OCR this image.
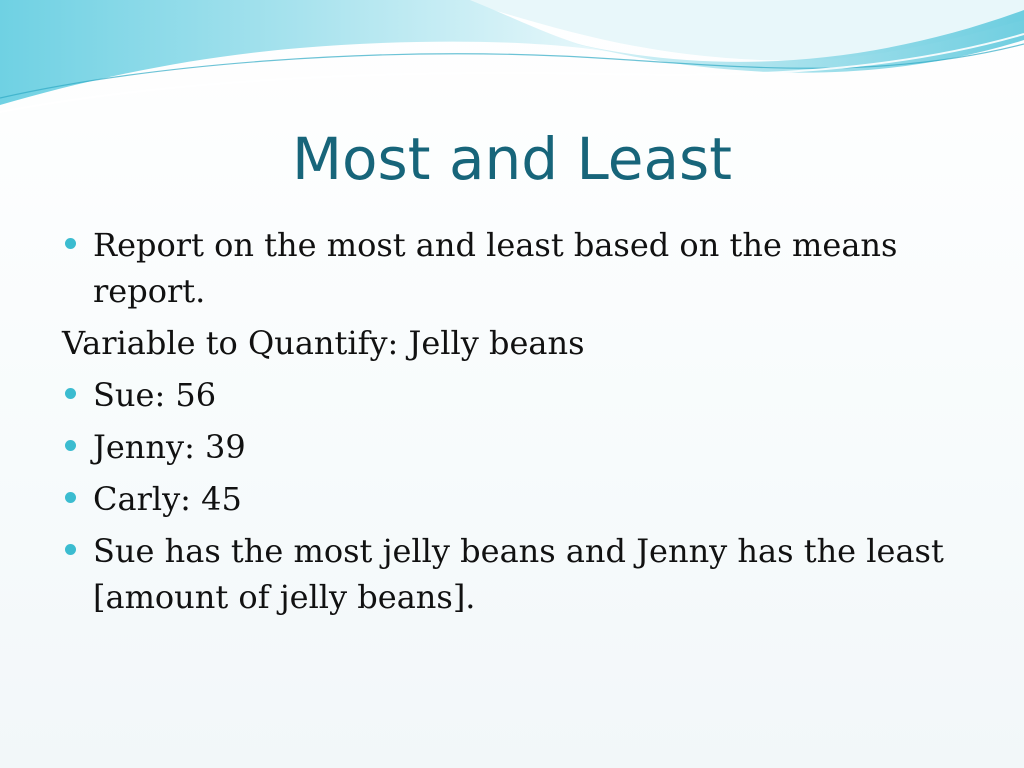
Most and Least
Report on the most and least based on the means report.
Variable to Quantify: Jelly beans
Sue: 56
Jenny: 39
Carly: 45
Sue has the most jelly beans and Jenny has the least [amount of jelly beans].
